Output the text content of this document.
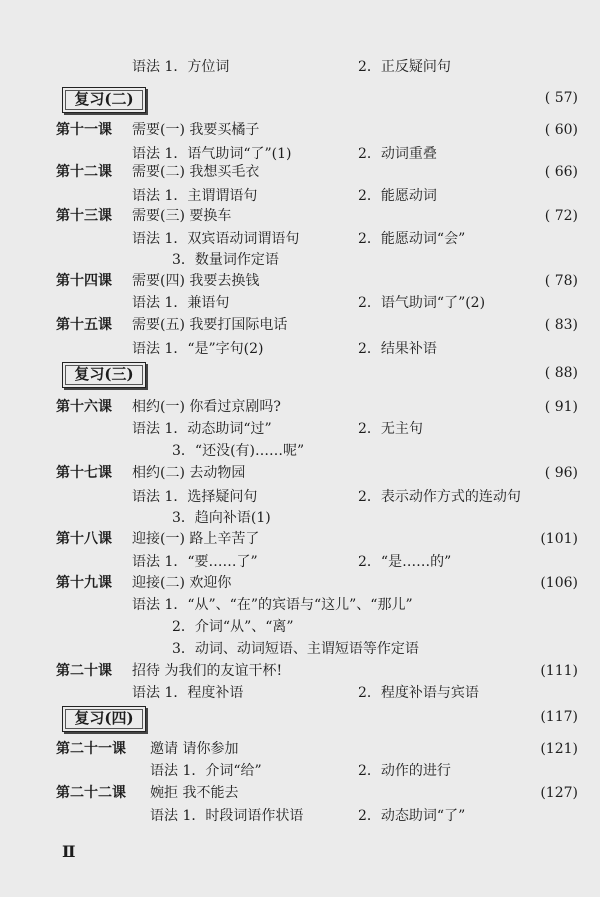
语法 1．方位词	2．正反疑问句
复习(二)	( 57)
第十一课 需要(一) 我要买橘子	( 60)
语法 1．语气助词“了”(1)	2．动词重叠
第十二课 需要(二) 我想买毛衣	( 66)
语法 1．主谓谓语句	2．能愿动词
第十三课 需要(三) 要换车	( 72)
语法 1．双宾语动词谓语句	2．能愿动词“会”
3．数量词作定语
第十四课 需要(四) 我要去换钱	( 78)
语法 1．兼语句	2．语气助词“了”(2)
第十五课 需要(五) 我要打国际电话	( 83)
语法 1．“是”字句(2)	2．结果补语
复习(三)	( 88)
第十六课 相约(一) 你看过京剧吗?	( 91)
语法 1．动态助词“过”	2．无主句
3．“还没(有)……呢”
第十七课 相约(二) 去动物园	( 96)
语法 1．选择疑问句	2．表示动作方式的连动句
3．趋向补语(1)
第十八课 迎接(一) 路上辛苦了	(101)
语法 1．“要……了”	2．“是……的”
第十九课 迎接(二) 欢迎你	(106)
语法 1．“从”、“在”的宾语与“这儿”、“那儿”
2．介词“从”、“离”
3．动词、动词短语、主谓短语等作定语
第二十课 招待 为我们的友谊干杯!	(111)
语法 1．程度补语	2．程度补语与宾语
复习(四)	(117)
第二十一课 邀请 请你参加	(121)
语法 1．介词“给”	2．动作的进行
第二十二课 婉拒 我不能去	(127)
语法 1．时段词语作状语	2．动态助词“了”
Ⅱ
